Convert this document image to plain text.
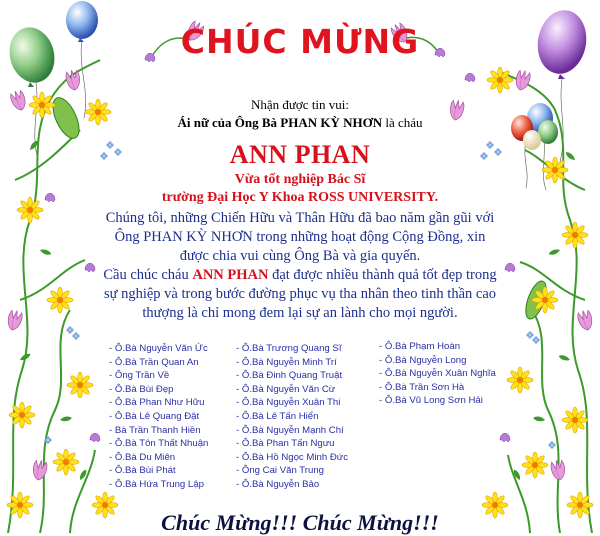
CHÚC MỪNG
Nhận được tin vui:
Ái nữ của Ông Bà PHAN KỲ NHƠN là cháu
ANN PHAN
Vừa tốt nghiệp Bác Sĩ
trường Đại Học Y Khoa ROSS UNIVERSITY.
Chúng tôi, những Chiến Hữu và Thân Hữu đã bao năm gần gũi với Ông PHAN KỲ NHƠN trong những hoạt động Cộng Đồng, xin được chia vui cùng Ông Bà và gia quyến.
Cầu chúc cháu ANN PHAN đạt được nhiều thành quả tốt đẹp trong sự nghiệp và trong bước đường phục vụ tha nhân theo tinh thần cao thượng là chỉ mong đem lại sự an lành cho mọi người.
- Ô.Bà Nguyễn Văn Ức
- Ô.Bà Trần Quan An
- Ông Trần Về
- Ô.Bà Bùi Đẹp
- Ô.Bà Phan Như Hữu
- Ô.Bà Lê Quang Đật
- Bà Trần Thanh Hiền
- Ô.Bà Tôn Thất Nhuận
- Ô.Bà Du Miên
- Ô.Bà Bùi Phát
- Ô.Bà Hứa Trung Lập
- Ô.Bà Trương Quang Sĩ
- Ô.Bà Nguyễn Minh Trí
- Ô.Bà Đinh Quang Truật
- Ô.Bà Nguyễn Văn Cừ
- Ô.Bà Nguyễn Xuân Thi
- Ô.Bà Lê Tấn Hiển
- Ô.Bà Nguyễn Mạnh Chí
- Ô.Bà Phan Tấn Ngưu
- Ô.Bà Hồ Ngọc Minh Đức
- Ông Cai Văn Trung
- Ô.Bà Nguyễn Bảo
- Ô.Bà Phạm Hoàn
- Ô.Bà Nguyễn Long
- Ô.Bà Nguyễn Xuân Nghĩa
- Ô.Bà Trần Sơn Hà
- Ô.Bà Vũ Long Sơn Hải
Chúc Mừng!!! Chúc Mừng!!!
